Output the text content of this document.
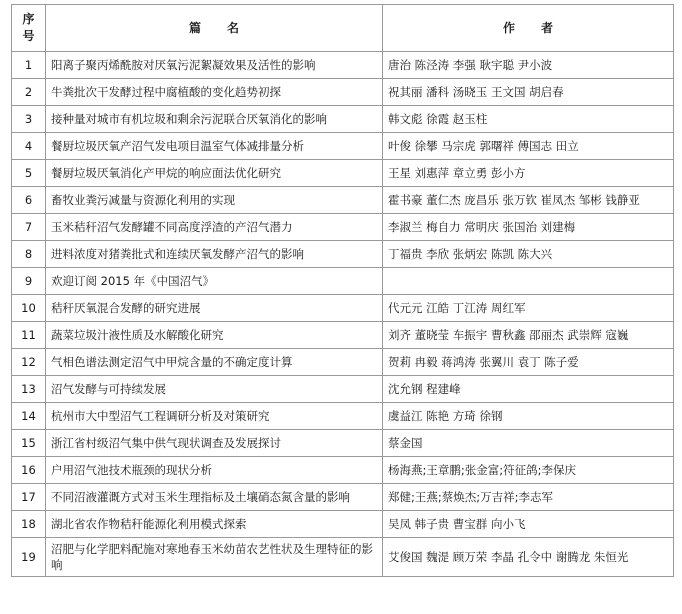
序
号	篇名	作者
1	阳离子聚丙烯酰胺对厌氧污泥絮凝效果及活性的影响	唐治 陈泾涛 李强 耿宇聪 尹小波
2	牛粪批次干发酵过程中腐植酸的变化趋势初探	祝其丽 潘科 汤晓玉 王文国 胡启春
3	接种量对城市有机垃圾和剩余污泥联合厌氧消化的影响	韩文彪 徐霞 赵玉柱
4	餐厨垃圾厌氧产沼气发电项目温室气体减排量分析	叶俊 徐攀 马宗虎 郭曙祥 傅国志 田立
5	餐厨垃圾厌氧消化产甲烷的响应面法优化研究	王星 刘惠萍 章立勇 彭小方
6	畜牧业粪污减量与资源化利用的实现	霍书豪 董仁杰 庞昌乐 张万钦 崔凤杰 邹彬 钱静亚
7	玉米秸秆沼气发酵罐不同高度浮渣的产沼气潜力	李淑兰 梅自力 常明庆 张国治 刘建梅
8	进料浓度对猪粪批式和连续厌氧发酵产沼气的影响	丁福贵 李欣 张炳宏 陈凯 陈大兴
9	欢迎订阅 2015 年《中国沼气》	
10	秸秆厌氧混合发酵的研究进展	代元元 江皓 丁江涛 周红军
11	蔬菜垃圾汁液性质及水解酸化研究	刘齐 董晓莹 车振宇 曹秋鑫 邵丽杰 武崇辉 寇巍
12	气相色谱法测定沼气中甲烷含量的不确定度计算	贺莉 冉毅 蒋鸿涛 张翼川 袁丁 陈子爱
13	沼气发酵与可持续发展	沈允钢 程建峰
14	杭州市大中型沼气工程调研分析及对策研究	虞益江 陈艳 方琦 徐钢
15	浙江省村级沼气集中供气现状调查及发展探讨	蔡金国
16	户用沼气池技术瓶颈的现状分析	杨海燕;王章鹏;张金富;符征鸽;李保庆
17	不同沼液灌溉方式对玉米生理指标及土壤硝态氮含量的影响	郑健;王燕;蔡焕杰;万吉祥;李志军
18	湖北省农作物秸秆能源化利用模式探索	吴凤 韩子贵 曹宝群 向小飞
19	沼肥与化学肥料配施对寒地春玉米幼苗农艺性状及生理特征的影响	艾俊国 魏湜 顾万荣 李晶 孔令中 谢腾龙 朱恒光
